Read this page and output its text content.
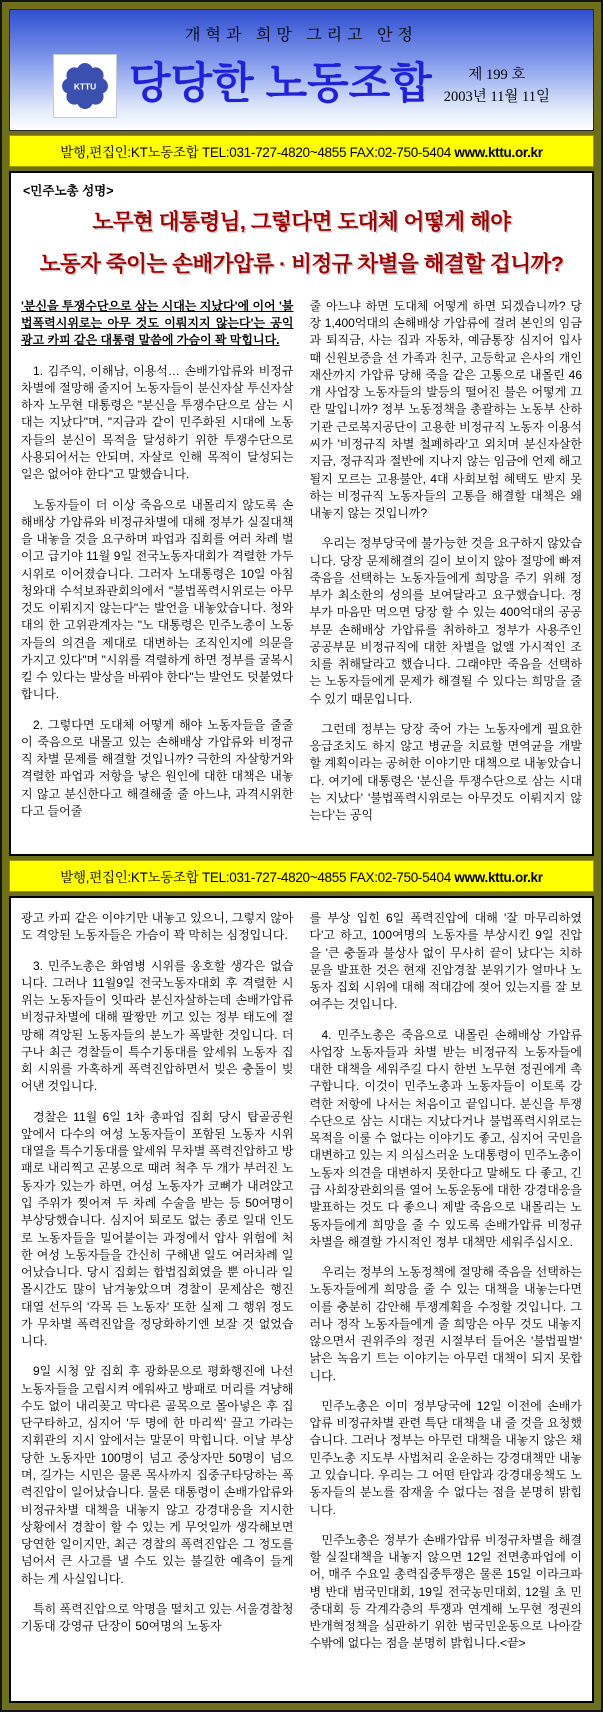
개혁과 희망 그리고 안정
KTTU 당당한 노동조합	제 199 호
2003년 11월 11일
발행,편집인:KT노동조합 TEL:031-727-4820~4855 FAX:02-750-5404 www.kttu.or.kr
<민주노총 성명>
노무현 대통령님, 그렇다면 도대체 어떻게 해야
노동자 죽이는 손배가압류 · 비정규 차별을 해결할 겁니까?

'분신을 투쟁수단으로 삼는 시대는 지났다'에 이어 '불법폭력시위로는 아무 것도 이뤄지지 않는다'는 공익광고 카피 같은 대통령 말씀에 가슴이 꽉 막힙니다.

1. 김주익, 이해남, 이용석… 손배가압류와 비정규차별에 절망해 줄지어 노동자들이 분신자살 투신자살하자 노무현 대통령은 "분신을 투쟁수단으로 삼는 시대는 지났다"며, "지금과 같이 민주화된 시대에 노동자들의 분신이 목적을 달성하기 위한 투쟁수단으로 사용되어서는 안되며, 자살로 인해 목적이 달성되는 일은 없어야 한다"고 말했습니다.

노동자들이 더 이상 죽음으로 내몰리지 않도록 손해배상 가압류와 비정규차별에 대해 정부가 실질대책을 내놓을 것을 요구하며 파업과 집회를 여러 차례 벌이고 급기야 11월 9일 전국노동자대회가 격렬한 가두시위로 이어졌습니다. 그러자 노대통령은 10일 아침 청와대 수석보좌관회의에서 "불법폭력시위로는 아무것도 이뤄지지 않는다"는 발언을 내놓았습니다. 청와대의 한 고위관계자는 "노 대통령은 민주노총이 노동자들의 의견을 제대로 대변하는 조직인지에 의문을 가지고 있다"며 "시위를 격렬하게 하면 정부를 굴복시킬 수 있다는 발상을 바꿔야 한다"는 발언도 덧붙였다 합니다.

2. 그렇다면 도대체 어떻게 해야 노동자들을 줄줄이 죽음으로 내몰고 있는 손해배상 가압류와 비정규직 차별 문제를 해결할 것입니까? 극한의 자살항거와 격렬한 파업과 저항을 낳은 원인에 대한 대책은 내놓지 않고 분신한다고 해결해줄 줄 아느냐, 과격시위한다고 들어줄

줄 아느냐 하면 도대체 어떻게 하면 되겠습니까? 당장 1,400억대의 손해배상 가압류에 걸려 본인의 임금과 퇴직금, 사는 집과 자동차, 예금통장 심지어 입사 때 신원보증을 선 가족과 친구, 고등학교 은사의 개인 재산까지 가압류 당해 죽을 같은 고통으로 내몰린 46개 사업장 노동자들의 발등의 떨어진 불은 어떻게 끄란 말입니까? 정부 노동정책을 총괄하는 노동부 산하기관 근로복지공단이 고용한 비정규직 노동자 이용석씨가 '비정규직 차별 철폐하라'고 외치며 분신자살한 지금, 정규직과 절반에 지나지 않는 임금에 언제 해고될지 모르는 고용불안, 4대 사회보험 혜택도 받지 못하는 비정규직 노동자들의 고통을 해결할 대책은 왜 내놓지 않는 것입니까?

우리는 정부당국에 불가능한 것을 요구하지 않았습니다. 당장 문제해결의 길이 보이지 않아 절망에 빠져 죽음을 선택하는 노동자들에게 희망을 주기 위해 정부가 최소한의 성의를 보여달라고 요구했습니다. 정부가 마음만 먹으면 당장 할 수 있는 400억대의 공공부문 손해배상 가압류를 취하하고 정부가 사용주인 공공부문 비정규직에 대한 차별을 없앨 가시적인 조치를 취해달라고 했습니다. 그래야만 죽음을 선택하는 노동자들에게 문제가 해결될 수 있다는 희망을 줄 수 있기 때문입니다.

그런데 정부는 당장 죽어 가는 노동자에게 필요한 응급조치도 하지 않고 병균을 치료할 면역균을 개발할 계획이라는 공허한 이야기만 대책으로 내놓았습니다. 여기에 대통령은 '분신을 투쟁수단으로 삼는 시대는 지났다' '불법폭력시위로는 아무것도 이뤄지지 않는다'는 공익

발행,편집인:KT노동조합 TEL:031-727-4820~4855 FAX:02-750-5404 www.kttu.or.kr

광고 카피 같은 이야기만 내놓고 있으니, 그렇지 않아도 격앙된 노동자들은 가슴이 꽉 막히는 심정입니다.

3. 민주노총은 화염병 시위를 옹호할 생각은 없습니다. 그러나 11월9일 전국노동자대회 후 격렬한 시위는 노동자들이 잇따라 분신자살하는데 손배가압류 비정규차별에 대해 팔짱만 끼고 있는 정부 태도에 절망해 격앙된 노동자들의 분노가 폭발한 것입니다. 더구나 최근 경찰들이 특수기동대를 앞세워 노동자 집회 시위를 가혹하게 폭력진압하면서 빚은 충돌이 빚어낸 것입니다.

경찰은 11월 6일 1차 총파업 집회 당시 탑골공원 앞에서 다수의 여성 노동자들이 포함된 노동자 시위대열을 특수기동대를 앞세워 무차별 폭력진압하고 방패로 내리찍고 곤봉으로 때려 척추 두 개가 부러진 노동자가 있는가 하면, 여성 노동자가 코뼈가 내려앉고 입 주위가 찢어져 두 차례 수술을 받는 등 50여명이 부상당했습니다. 심지어 퇴로도 없는 종로 일대 인도로 노동자들을 밀어붙이는 과정에서 압사 위험에 처한 여성 노동자들을 간신히 구해낸 일도 여러차례 일어났습니다. 당시 집회는 합법집회였을 뿐 아니라 일몰시간도 많이 남겨놓았으며 경찰이 문제삼은 행진 대열 선두의 '각목 든 노동자' 또한 실제 그 행위 정도가 무차별 폭력진압을 정당화하기엔 보잘 것 없었습니다.

9일 시청 앞 집회 후 광화문으로 평화행진에 나선 노동자들을 고립시켜 에워싸고 방패로 머리를 겨냥해 수도 없이 내리꽂고 막다른 골목으로 몰아넣은 후 집단구타하고, 심지어 '두 명에 한 마리씩' 끌고 가라는 지휘관의 지시 앞에서는 말문이 막힙니다. 이날 부상당한 노동자만 100명이 넘고 중상자만 50명이 넘으며, 길가는 시민은 물론 목사까지 집중구타당하는 폭력진압이 일어났습니다. 물론 대통령이 손배가압류와 비정규차별 대책을 내놓지 않고 강경대응을 지시한 상황에서 경찰이 할 수 있는 게 무엇일까 생각해보면 당연한 일이지만, 최근 경찰의 폭력진압은 그 정도를 넘어서 큰 사고를 낼 수도 있는 불길한 예측이 들게 하는 게 사실입니다.

특히 폭력진압으로 악명을 떨치고 있는 서울경찰청 기동대 강영규 단장이 50여명의 노동자

를 부상 입힌 6일 폭력진압에 대해 '잘 마무리하였다'고 하고, 100여명의 노동자를 부상시킨 9일 진압을 '큰 충돌과 불상사 없이 무사히 끝이 났다'는 치하문을 발표한 것은 현재 진압경찰 분위기가 얼마나 노동자 집회 시위에 대해 적대감에 젖어 있는지를 잘 보여주는 것입니다.

4. 민주노총은 죽음으로 내몰린 손해배상 가압류 사업장 노동자들과 차별 받는 비정규직 노동자들에 대한 대책을 세워주길 다시 한번 노무현 정권에게 촉구합니다. 이것이 민주노총과 노동자들이 이토록 강력한 저항에 나서는 처음이고 끝입니다. 분신을 투쟁수단으로 삼는 시대는 지났다거나 불법폭력시위로는 목적을 이룰 수 없다는 이야기도 좋고, 심지어 국민을 대변하고 있는 지 의심스러운 노대통령이 민주노총이 노동자 의견을 대변하지 못한다고 말해도 다 좋고, 긴급 사회장관회의를 열어 노동운동에 대한 강경대응을 발표하는 것도 다 좋으니 제발 죽음으로 내몰리는 노동자들에게 희망을 줄 수 있도록 손배가압류 비정규차별을 해결할 가시적인 정부 대책만 세워주십시오.

우리는 정부의 노동정책에 절망해 죽음을 선택하는 노동자들에게 희망을 줄 수 있는 대책을 내놓는다면 이를 충분히 감안해 투쟁계획을 수정할 것입니다. 그러나 정작 노동자들에게 줄 희망은 아무 것도 내놓지 않으면서 권위주의 정권 시절부터 들어온 '불법필벌' 낡은 녹음기 트는 이야기는 아무런 대책이 되지 못합니다.

민주노총은 이미 정부당국에 12일 이전에 손배가압류 비정규차별 관련 특단 대책을 내 줄 것을 요청했습니다. 그러나 정부는 아무런 대책을 내놓지 않은 채 민주노총 지도부 사법처리 운운하는 강경대책만 내놓고 있습니다. 우리는 그 어떤 탄압과 강경대응책도 노동자들의 분노를 잠재울 수 없다는 점을 분명히 밝힙니다.

민주노총은 정부가 손배가압류 비정규차별을 해결할 실질대책을 내놓지 않으면 12일 전면총파업에 이어, 매주 수요일 총력집중투쟁은 물론 15일 이라크파병 반대 범국민대회, 19일 전국농민대회, 12월 초 민중대회 등 각계각층의 투쟁과 연계해 노무현 정권의 반개혁정책을 심판하기 위한 범국민운동으로 나아갈 수밖에 없다는 점을 분명히 밝힙니다.<끝>
